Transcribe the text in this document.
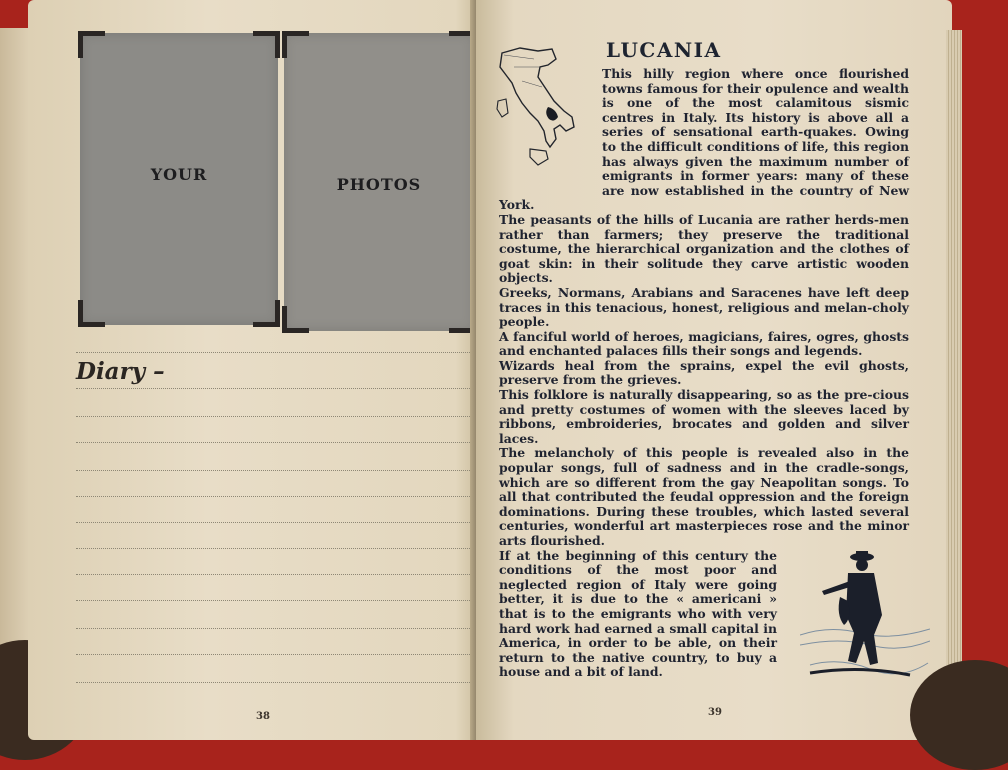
YOUR
PHOTOS
Diary –
38
LUCANIA

This hilly region where once flourished towns famous for their opulence and wealth is one of the most calamitous sismic centres in Italy. Its history is above all a series of sensational earth-quakes. Owing to the difficult conditions of life, this region has always given the maximum number of emigrants in former years: many of these are now established in the country of New York.

The peasants of the hills of Lucania are rather herds-men rather than farmers; they preserve the traditional costume, the hierarchical organization and the clothes of goat skin: in their solitude they carve artistic wooden objects.

Greeks, Normans, Arabians and Saracenes have left deep traces in this tenacious, honest, religious and melan-choly people.

A fanciful world of heroes, magicians, faires, ogres, ghosts and enchanted palaces fills their songs and legends.

Wizards heal from the sprains, expel the evil ghosts, preserve from the grieves.

This folklore is naturally disappearing, so as the pre-cious and pretty costumes of women with the sleeves laced by ribbons, embroideries, brocates and golden and silver laces.

The melancholy of this people is revealed also in the popular songs, full of sadness and in the cradle-songs, which are so different from the gay Neapolitan songs. To all that contributed the feudal oppression and the foreign dominations. During these troubles, which lasted several centuries, wonderful art masterpieces rose and the minor arts flourished.

If at the beginning of this century the conditions of the most poor and neglected region of Italy were going better, it is due to the « americani » that is to the emigrants who with very hard work had earned a small capital in America, in order to be able, on their return to the native country, to buy a house and a bit of land.

39
